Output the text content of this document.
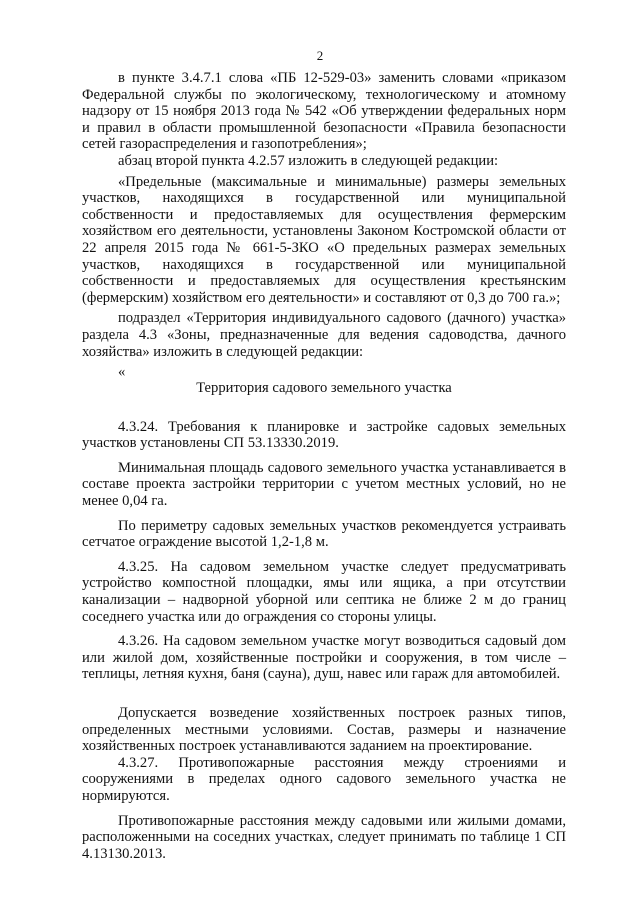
2

в пункте 3.4.7.1 слова «ПБ 12-529-03» заменить словами «приказом Федеральной службы по экологическому, технологическому и атомному надзору от 15 ноября 2013 года № 542 «Об утверждении федеральных норм и правил в области промышленной безопасности «Правила безопасности сетей газораспределения и газопотребления»;

абзац второй пункта 4.2.57 изложить в следующей редакции:

«Предельные (максимальные и минимальные) размеры земельных участков, находящихся в государственной или муниципальной собственности и предоставляемых для осуществления фермерским хозяйством его деятельности, установлены Законом Костромской области от 22 апреля 2015 года № 661-5-ЗКО «О предельных размерах земельных участков, находящихся в государственной или муниципальной собственности и предоставляемых для осуществления крестьянским (фермерским) хозяйством его деятельности» и составляют от 0,3 до 700 га.»;

подраздел «Территория индивидуального садового (дачного) участка» раздела 4.3 «Зоны, предназначенные для ведения садоводства, дачного хозяйства» изложить в следующей редакции:

«

Территория садового земельного участка

4.3.24. Требования к планировке и застройке садовых земельных участков установлены СП 53.13330.2019.

Минимальная площадь садового земельного участка устанавливается в составе проекта застройки территории с учетом местных условий, но не менее 0,04 га.

По периметру садовых земельных участков рекомендуется устраивать сетчатое ограждение высотой 1,2-1,8 м.

4.3.25. На садовом земельном участке следует предусматривать устройство компостной площадки, ямы или ящика, а при отсутствии канализации – надворной уборной или септика не ближе 2 м до границ соседнего участка или до ограждения со стороны улицы.

4.3.26. На садовом земельном участке могут возводиться садовый дом или жилой дом, хозяйственные постройки и сооружения, в том числе – теплицы, летняя кухня, баня (сауна), душ, навес или гараж для автомобилей.

Допускается возведение хозяйственных построек разных типов, определенных местными условиями. Состав, размеры и назначение хозяйственных построек устанавливаются заданием на проектирование.

4.3.27. Противопожарные расстояния между строениями и сооружениями в пределах одного садового земельного участка не нормируются.

Противопожарные расстояния между садовыми или жилыми домами, расположенными на соседних участках, следует принимать по таблице 1 СП 4.13130.2013.
